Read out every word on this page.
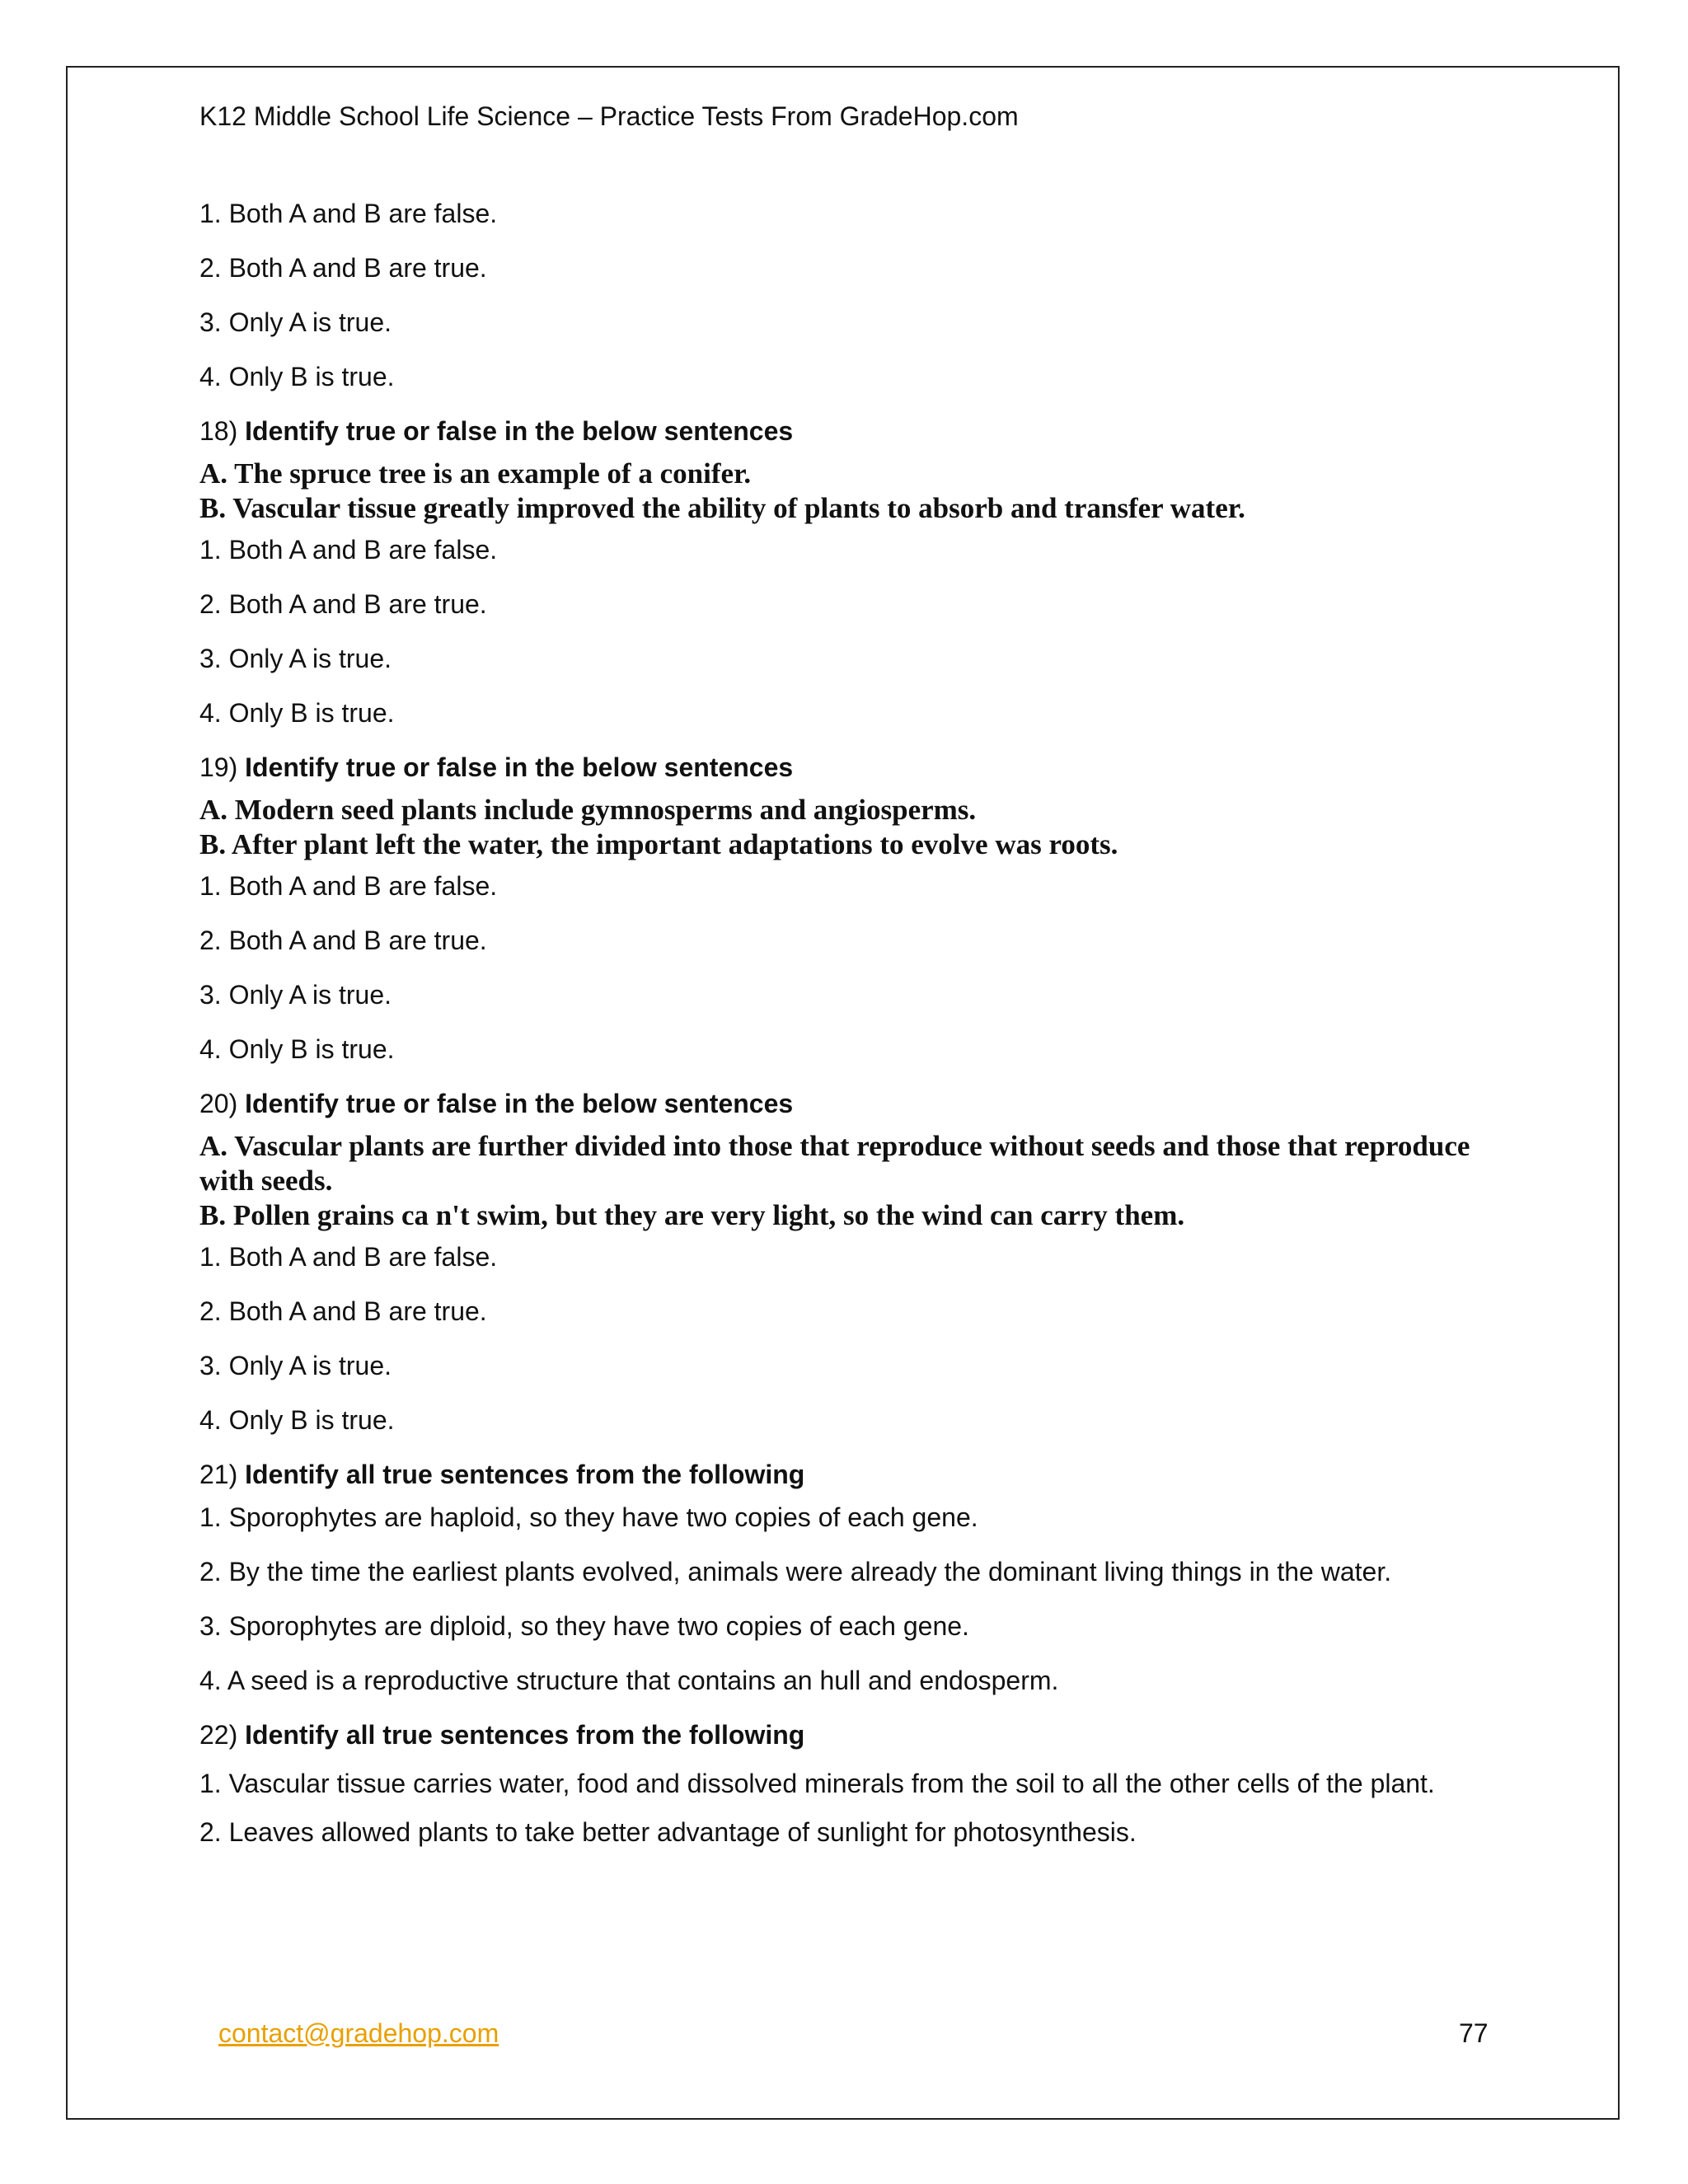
K12 Middle School Life Science – Practice Tests From GradeHop.com
1. Both A and B are false.
2. Both A and B are true.
3. Only A is true.
4. Only B is true.
18) Identify true or false in the below sentences
A. The spruce tree is an example of a conifer.
B. Vascular tissue greatly improved the ability of plants to absorb and transfer water.
1. Both A and B are false.
2. Both A and B are true.
3. Only A is true.
4. Only B is true.
19) Identify true or false in the below sentences
A. Modern seed plants include gymnosperms and angiosperms.
B. After plant left the water, the important adaptations to evolve was roots.
1. Both A and B are false.
2. Both A and B are true.
3. Only A is true.
4. Only B is true.
20) Identify true or false in the below sentences
A. Vascular plants are further divided into those that reproduce without seeds and those that reproduce with seeds.
B. Pollen grains ca n't swim, but they are very light, so the wind can carry them.
1. Both A and B are false.
2. Both A and B are true.
3. Only A is true.
4. Only B is true.
21) Identify all true sentences from the following
1. Sporophytes are haploid, so they have two copies of each gene.
2. By the time the earliest plants evolved, animals were already the dominant living things in the water.
3. Sporophytes are diploid, so they have two copies of each gene.
4. A seed is a reproductive structure that contains an hull and endosperm.
22) Identify all true sentences from the following
1. Vascular tissue carries water, food and dissolved minerals from the soil to all the other cells of the plant.
2. Leaves allowed plants to take better advantage of sunlight for photosynthesis.
contact@gradehop.com	77
